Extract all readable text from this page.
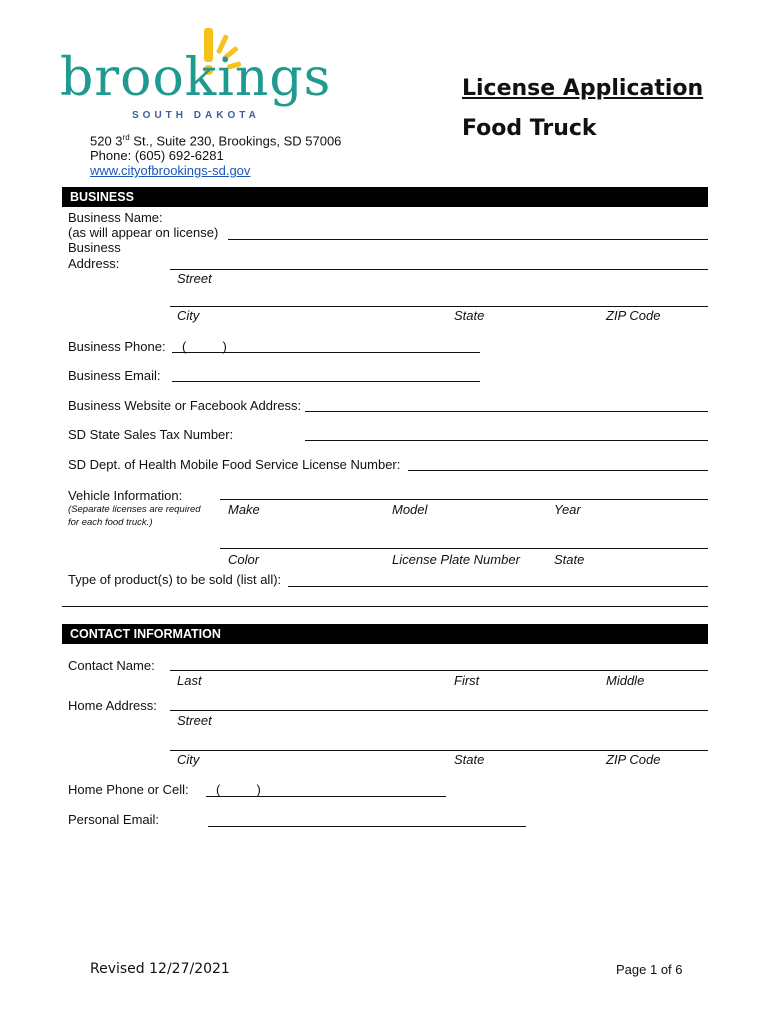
brookings
SOUTH DAKOTA
520 3rd St., Suite 230, Brookings, SD 57006
Phone: (605) 692-6281
www.cityofbrookings-sd.gov
License Application
Food Truck
BUSINESS
Business Name:
(as will appear on license)
Business
Address:
Street
City	State	ZIP Code
Business Phone: (          )
Business Email:
Business Website or Facebook Address:
SD State Sales Tax Number:
SD Dept. of Health Mobile Food Service License Number:
Vehicle Information:
(Separate licenses are required
for each food truck.)
Make	Model	Year
Color	License Plate Number	State
Type of product(s) to be sold (list all):
CONTACT INFORMATION
Contact Name:
Last	First	Middle
Home Address:
Street
City	State	ZIP Code
Home Phone or Cell: (          )
Personal Email:
Revised 12/27/2021	Page 1 of 6
